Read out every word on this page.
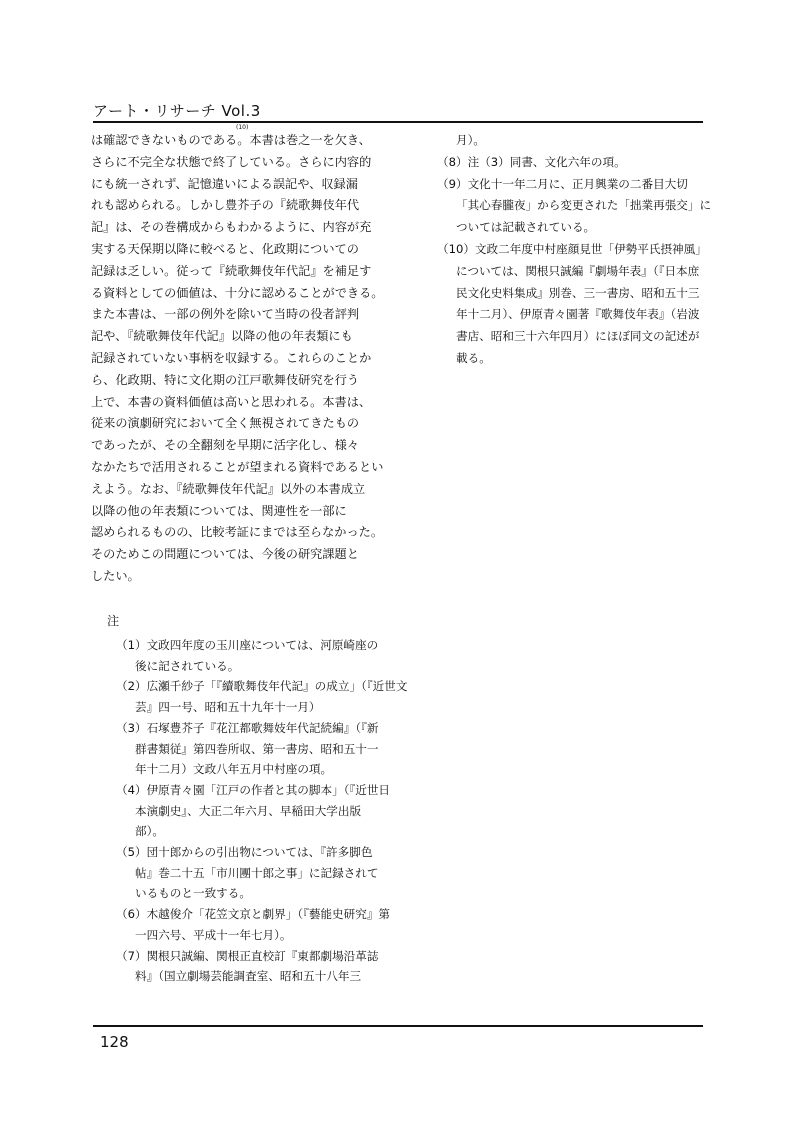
アート・リサーチ Vol.3
(10)

は確認できないものである。本書は巻之一を欠き、

さらに不完全な状態で終了している。さらに内容的

にも統一されず、記憶違いによる誤記や、収録漏

れも認められる。しかし豊芥子の『続歌舞伎年代

記』は、その巻構成からもわかるように、内容が充

実する天保期以降に較べると、化政期についての

記録は乏しい。従って『続歌舞伎年代記』を補足す

る資料としての価値は、十分に認めることができる。

また本書は、一部の例外を除いて当時の役者評判

記や、『続歌舞伎年代記』以降の他の年表類にも

記録されていない事柄を収録する。これらのことか

ら、化政期、特に文化期の江戸歌舞伎研究を行う

上で、本書の資料価値は高いと思われる。本書は、

従来の演劇研究において全く無視されてきたもの

であったが、その全翻刻を早期に活字化し、様々

なかたちで活用されることが望まれる資料であるとい

えよう。なお、『続歌舞伎年代記』以外の本書成立

以降の他の年表類については、関連性を一部に

認められるものの、比較考証にまでは至らなかった。

そのためこの問題については、今後の研究課題と

したい。

注
（1）文政四年度の玉川座については、河原崎座の
後に記されている。
（2）広瀬千紗子「『續歌舞伎年代記』の成立」（『近世文
芸』四一号、昭和五十九年十一月）
（3）石塚豊芥子『花江都歌舞妓年代記続編』（『新
群書類従』第四巻所収、第一書房、昭和五十一
年十二月）文政八年五月中村座の項。
（4）伊原青々園「江戸の作者と其の脚本」（『近世日
本演劇史』、大正二年六月、早稲田大学出版
部）。
（5）団十郎からの引出物については、『許多脚色
帖』巻二十五「市川團十郎之事」に記録されて
いるものと一致する。
（6）木越俊介「花笠文京と劇界」（『藝能史研究』第
一四六号、平成十一年七月）。
（7）関根只誠編、関根正直校訂『東都劇場沿革誌
料』（国立劇場芸能調査室、昭和五十八年三
月）。
（8）注（3）同書、文化六年の項。
（9）文化十一年二月に、正月興業の二番目大切
「其心春朧夜」から変更された「拙業再張交」に
ついては記載されている。
（10）文政二年度中村座顔見世「伊勢平氏摂神風」
については、関根只誠編『劇場年表』（『日本庶
民文化史料集成』別巻、三一書房、昭和五十三
年十二月）、伊原青々園著『歌舞伎年表』（岩波
書店、昭和三十六年四月）にほぼ同文の記述が
載る。
128
